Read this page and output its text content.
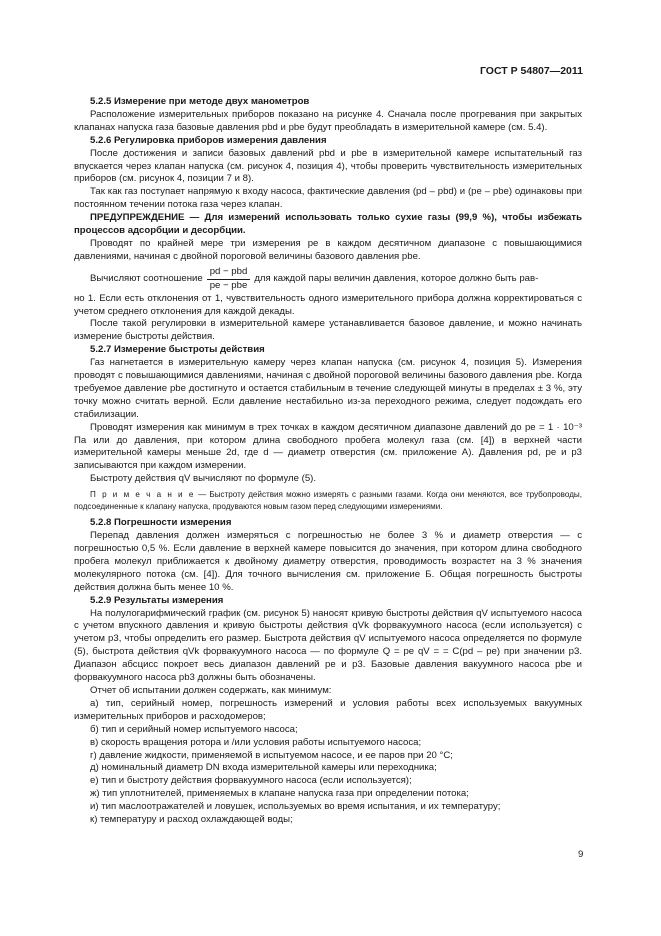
ГОСТ Р 54807—2011

5.2.5 Измерение при методе двух манометров

Расположение измерительных приборов показано на рисунке 4. Сначала после прогревания при закрытых клапанах напуска газа базовые давления pbd и pbe будут преобладать в измерительной камере (см. 5.4).

5.2.6 Регулировка приборов измерения давления

После достижения и записи базовых давлений pbd и pbe в измерительной камере испытательный газ впускается через клапан напуска (см. рисунок 4, позиция 4), чтобы проверить чувствительность измерительных приборов (см. рисунок 4, позиции 7 и 8).

Так как газ поступает напрямую к входу насоса, фактические давления (pd – pbd) и (pe – pbe) одинаковы при постоянном течении потока газа через клапан.

ПРЕДУПРЕЖДЕНИЕ — Для измерений использовать только сухие газы (99,9 %), чтобы избежать процессов адсорбции и десорбции.

Проводят по крайней мере три измерения pe в каждом десятичном диапазоне с повышающимися давлениями, начиная с двойной пороговой величины базового давления pbe.

Вычисляют соотношение
pd − pbd
pe − pbe
для каждой пары величин давления, которое должно быть рав-

но 1. Если есть отклонения от 1, чувствительность одного измерительного прибора должна корректироваться с учетом среднего отклонения для каждой декады.

После такой регулировки в измерительной камере устанавливается базовое давление, и можно начинать измерение быстроты действия.

5.2.7 Измерение быстроты действия

Газ нагнетается в измерительную камеру через клапан напуска (см. рисунок 4, позиция 5). Измерения проводят с повышающимися давлениями, начиная с двойной пороговой величины базового давления pbe. Когда требуемое давление pbe достигнуто и остается стабильным в течение следующей минуты в пределах ± 3 %, эту точку можно считать верной. Если давление нестабильно из-за переходного режима, следует подождать его стабилизации.

Проводят измерения как минимум в трех точках в каждом десятичном диапазоне давлений до pe = 1 · 10⁻³ Па или до давления, при котором длина свободного пробега молекул газа (см. [4]) в верхней части измерительной камеры меньше 2d, где d — диаметр отверстия (см. приложение А). Давления pd, pe и p3 записываются при каждом измерении.

Быстроту действия qV вычисляют по формуле (5).

П р и м е ч а н и е — Быстроту действия можно измерять с разными газами. Когда они меняются, все трубопроводы, подсоединенные к клапану напуска, продуваются новым газом перед следующими измерениями.

5.2.8 Погрешности измерения

Перепад давления должен измеряться с погрешностью не более 3 % и диаметр отверстия — с погрешностью 0,5 %. Если давление в верхней камере повысится до значения, при котором длина свободного пробега молекул приближается к двойному диаметру отверстия, проводимость возрастет на 3 % значения молекулярного потока (см. [4]). Для точного вычисления см. приложение Б. Общая погрешность быстроты действия должна быть менее 10 %.

5.2.9 Результаты измерения

На полулогарифмический график (см. рисунок 5) наносят кривую быстроты действия qV испытуемого насоса с учетом впускного давления и кривую быстроты действия qVk форвакуумного насоса (если используется) с учетом p3, чтобы определить его размер. Быстрота действия qV испытуемого насоса определяется по формуле (5), быстрота действия qVk форвакуумного насоса — по формуле Q = pe qV = = C(pd – pe) при значении p3. Диапазон абсцисс покроет весь диапазон давлений pe и p3. Базовые давления вакуумного насоса pbe и форвакуумного насоса pb3 должны быть обозначены.

Отчет об испытании должен содержать, как минимум:

а) тип, серийный номер, погрешность измерений и условия работы всех используемых вакуумных измерительных приборов и расходомеров;

б) тип и серийный номер испытуемого насоса;

в) скорость вращения ротора и /или условия работы испытуемого насоса;

г) давление жидкости, применяемой в испытуемом насосе, и ее паров при 20 °С;

д) номинальный диаметр DN входа измерительной камеры или переходника;

е) тип и быстроту действия форвакуумного насоса (если используется);

ж) тип уплотнителей, применяемых в клапане напуска газа при определении потока;

и) тип маслоотражателей и ловушек, используемых во время испытания, и их температуру;

к) температуру и расход охлаждающей воды;

9
